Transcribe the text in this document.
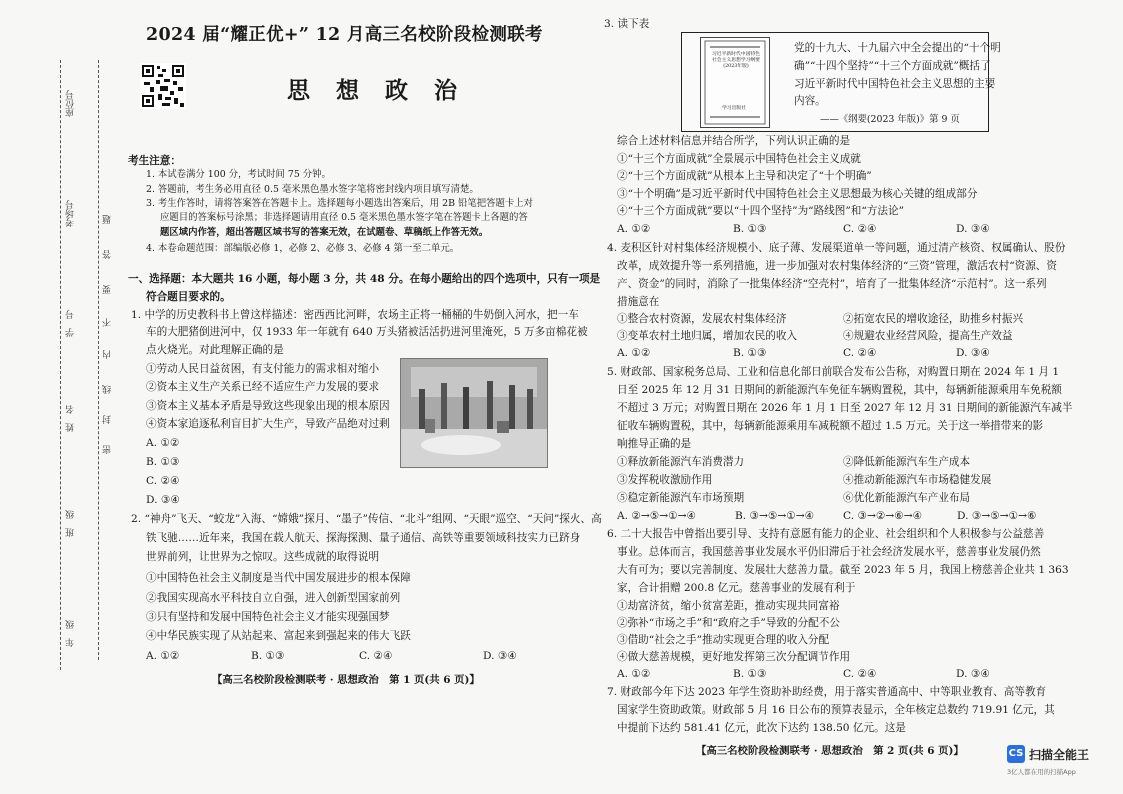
座位号
考场号
学　号
姓　名
班　级
年　级
题
答
要
不
内
线
封
密
2024 届“耀正优+” 12 月高三名校阶段检测联考
思 想 政 治
考生注意：
1. 本试卷满分 100 分，考试时间 75 分钟。
2. 答题前，考生务必用直径 0.5 毫米黑色墨水签字笔将密封线内项目填写清楚。
3. 考生作答时，请将答案答在答题卡上。选择题每小题选出答案后，用 2B 铅笔把答题卡上对
应题目的答案标号涂黑；非选择题请用直径 0.5 毫米黑色墨水签字笔在答题卡上各题的答
题区域内作答，超出答题区域书写的答案无效，在试题卷、草稿纸上作答无效。
4. 本卷命题范围：部编版必修 1，必修 2、必修 3、必修 4 第一至二单元。
一、选择题：本大题共 16 小题，每小题 3 分，共 48 分。在每小题给出的四个选项中，只有一项是
符合题目要求的。
1. 中学的历史教科书上曾这样描述：密西西比河畔，农场主正将一桶桶的牛奶倒入河水，把一车
车的大肥猪倒进河中，仅 1933 年一年就有 640 万头猪被活活扔进河里淹死，5 万多亩棉花被
点火烧光。对此理解正确的是
①劳动人民日益贫困，有支付能力的需求相对缩小
②资本主义生产关系已经不适应生产力发展的要求
③资本主义基本矛盾是导致这些现象出现的根本原因
④资本家追逐私利盲目扩大生产，导致产品绝对过剩
A. ①②
B. ①③
C. ②④
D. ③④
2. “神舟”飞天、“蛟龙”入海、“嫦娥”探月、“墨子”传信、“北斗”组网、“天眼”巡空、“天问”探火、高
铁飞驰……近年来，我国在载人航天、探海探测、量子通信、高铁等重要领域科技实力已跻身
世界前列，让世界为之惊叹。这些成就的取得说明
①中国特色社会主义制度是当代中国发展进步的根本保障
②我国实现高水平科技自立自强，进入创新型国家前列
③只有坚持和发展中国特色社会主义才能实现强国梦
④中华民族实现了从站起来、富起来到强起来的伟大飞跃
A. ①②	B. ①③	C. ②④	D. ③④
【高三名校阶段检测联考 · 思想政治　第 1 页(共 6 页)】
3. 读下表
习近平新时代中国特色社会主义思想学习纲要(2023年版)
学习出版社
党的十九大、十九届六中全会提出的“十个明
确”“十四个坚持”“十三个方面成就”概括了
习近平新时代中国特色社会主义思想的主要
内容。
——《纲要(2023 年版)》第 9 页
综合上述材料信息并结合所学，下列认识正确的是
①“十三个方面成就”全景展示中国特色社会主义成就
②“十三个方面成就”从根本上主导和决定了“十个明确”
③“十个明确”是习近平新时代中国特色社会主义思想最为核心关键的组成部分
④“十三个方面成就”要以“十四个坚持”为“路线图”和“方法论”
A. ①②	B. ①③	C. ②④	D. ③④
4. 麦积区针对村集体经济规模小、底子薄、发展渠道单一等问题，通过清产核资、权属确认、股份
改革，成效提升等一系列措施，进一步加强对农村集体经济的“三资”管理，激活农村“资源、资
产、资金”的同时，消除了一批集体经济“空壳村”，培育了一批集体经济“示范村”。这一系列
措施意在
①整合农村资源，发展农村集体经济	②拓宽农民的增收途径，助推乡村振兴
③变革农村土地归属，增加农民的收入	④规避农业经营风险，提高生产效益
A. ①②	B. ①③	C. ②④	D. ③④
5. 财政部、国家税务总局、工业和信息化部日前联合发布公告称，对购置日期在 2024 年 1 月 1
日至 2025 年 12 月 31 日期间的新能源汽车免征车辆购置税，其中，每辆新能源乘用车免税额
不超过 3 万元；对购置日期在 2026 年 1 月 1 日至 2027 年 12 月 31 日期间的新能源汽车减半
征收车辆购置税，其中，每辆新能源乘用车减税额不超过 1.5 万元。关于这一举措带来的影
响推导正确的是
①释放新能源汽车消费潜力	②降低新能源汽车生产成本
③发挥税收激励作用	④推动新能源汽车市场稳健发展
⑤稳定新能源汽车市场预期	⑥优化新能源汽车产业布局
A. ②→⑤→①→④	B. ③→⑤→①→④	C. ③→②→⑥→④	D. ③→⑤→①→⑥
6. 二十大报告中曾指出要引导、支持有意愿有能力的企业、社会组织和个人积极参与公益慈善
事业。总体而言，我国慈善事业发展水平仍旧滞后于社会经济发展水平，慈善事业发展仍然
大有可为；要以完善制度、发展壮大慈善力量。截至 2023 年 5 月，我国上榜慈善企业共 1 363
家，合计捐赠 200.8 亿元。慈善事业的发展有利于
①劫富济贫，缩小贫富差距，推动实现共同富裕
②弥补“市场之手”和“政府之手”导致的分配不公
③借助“社会之手”推动实现更合理的收入分配
④做大慈善规模，更好地发挥第三次分配调节作用
A. ①②	B. ①③	C. ②④	D. ③④
7. 财政部今年下达 2023 年学生资助补助经费，用于落实普通高中、中等职业教育、高等教育
国家学生资助政策。财政部 5 月 16 日公布的预算表显示，全年核定总数约 719.91 亿元，其
中提前下达约 581.41 亿元，此次下达约 138.50 亿元。这是
【高三名校阶段检测联考 · 思想政治　第 2 页(共 6 页)】	CS 扫描全能王
3亿人都在用的扫描App
